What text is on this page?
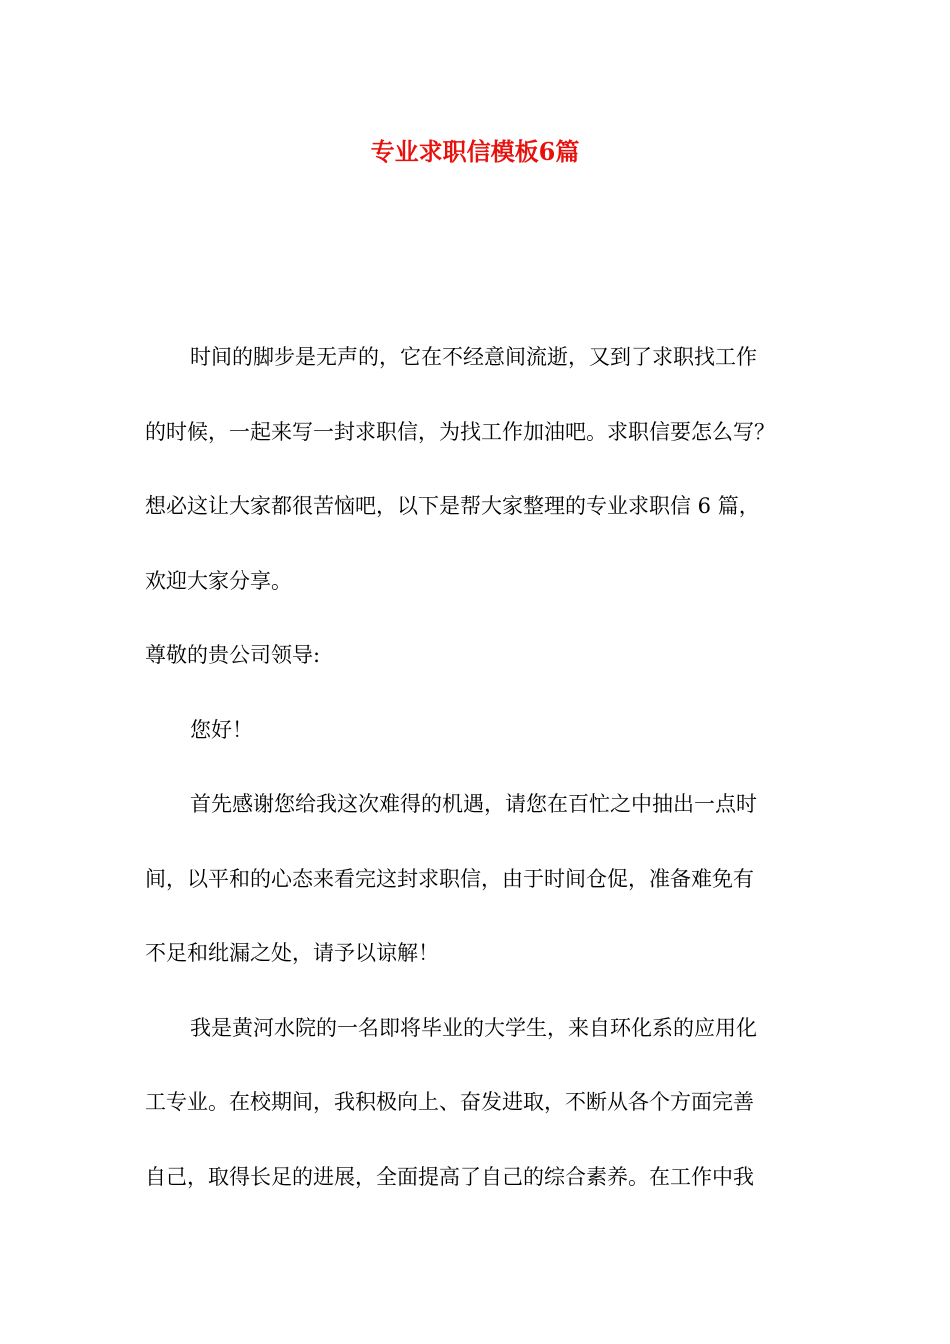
专业求职信模板6篇

时间的脚步是无声的，它在不经意间流逝，又到了求职找工作

的时候，一起来写一封求职信，为找工作加油吧。求职信要怎么写？

想必这让大家都很苦恼吧，以下是帮大家整理的专业求职信 6 篇，

欢迎大家分享。

尊敬的贵公司领导:

您好！

首先感谢您给我这次难得的机遇，请您在百忙之中抽出一点时

间，以平和的心态来看完这封求职信，由于时间仓促，准备难免有

不足和纰漏之处，请予以谅解！

我是黄河水院的一名即将毕业的大学生，来自环化系的应用化

工专业。在校期间，我积极向上、奋发进取，不断从各个方面完善

自己，取得长足的进展，全面提高了自己的综合素养。在工作中我
